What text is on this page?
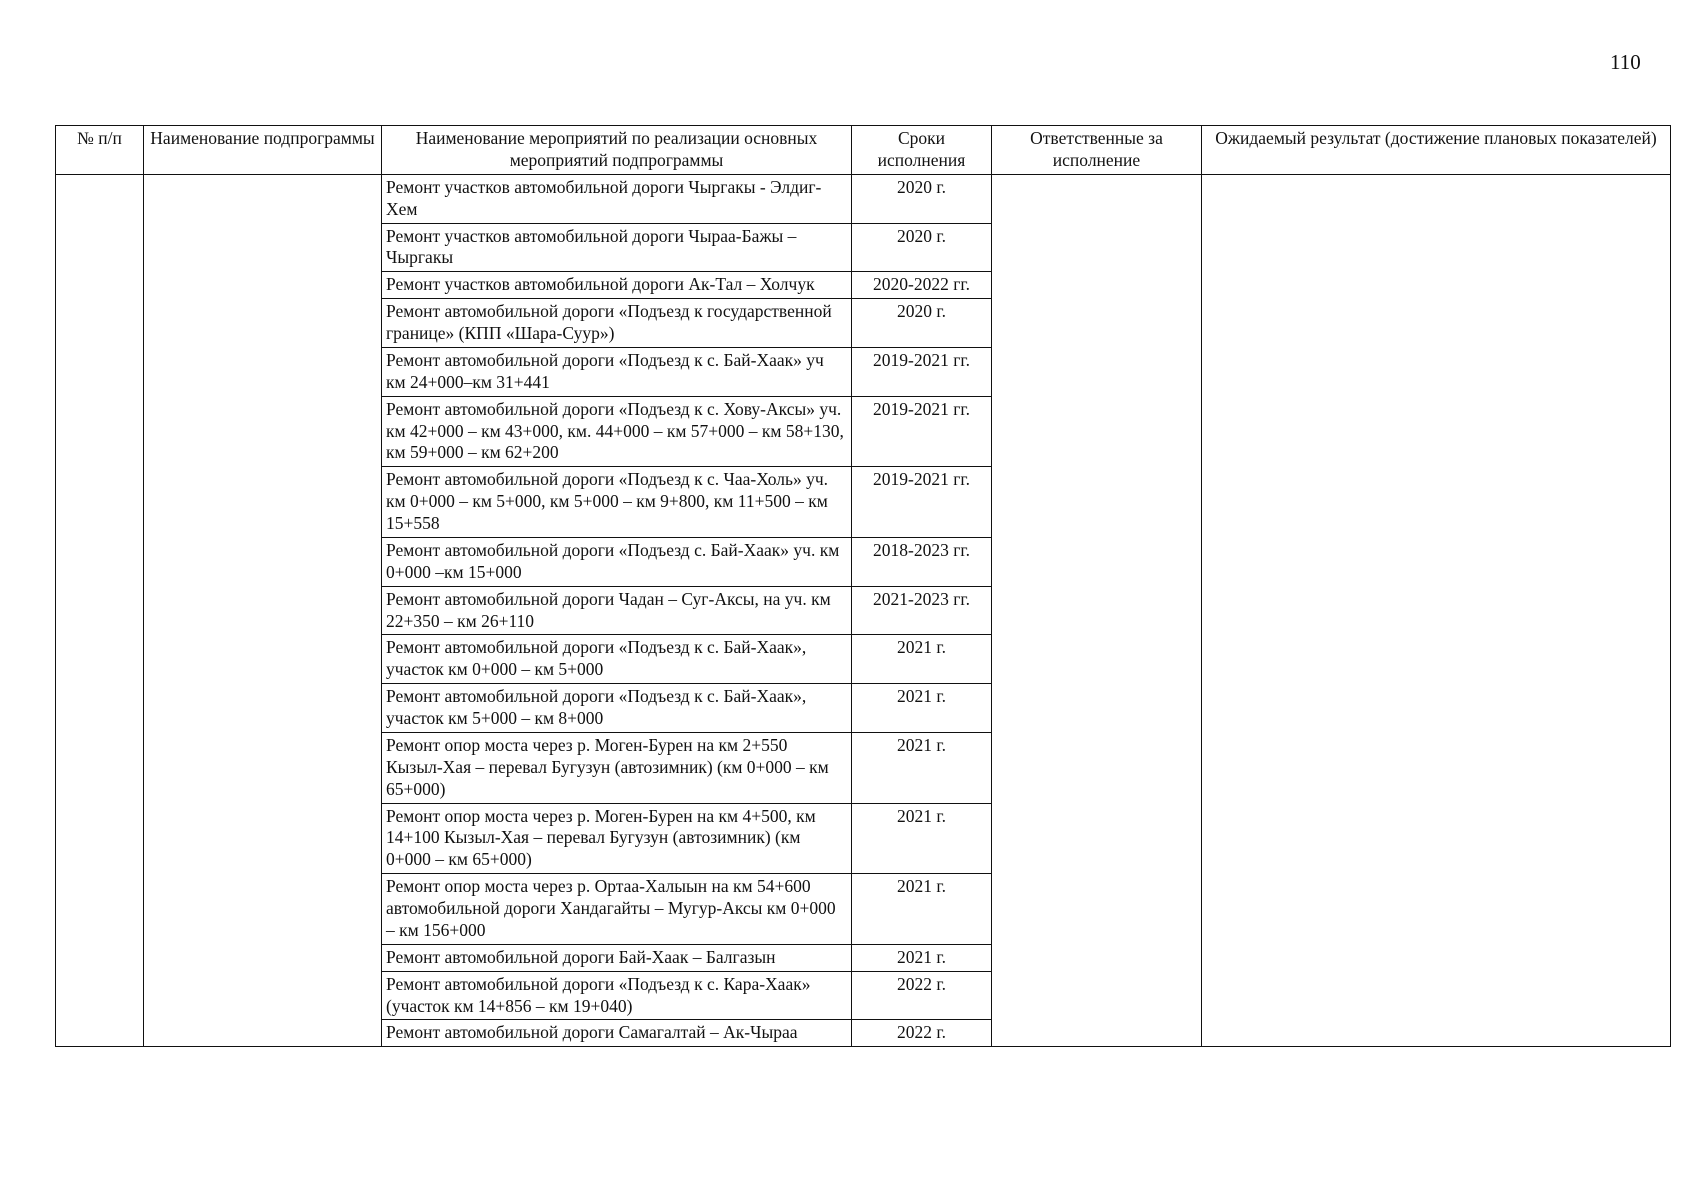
110
№ п/п	Наименование подпрограммы	Наименование мероприятий по реализации основных мероприятий подпрограммы	Сроки исполнения	Ответственные за исполнение	Ожидаемый результат (достижение плановых показателей)
		Ремонт участков автомобильной дороги Чыргакы - Элдиг-Хем	2020 г.		
		Ремонт участков автомобильной дороги Чыраа-Бажы – Чыргакы	2020 г.		
		Ремонт участков автомобильной дороги Ак-Тал – Холчук	2020-2022 гг.		
		Ремонт автомобильной дороги «Подъезд к государственной границе» (КПП «Шара-Суур»)	2020 г.		
		Ремонт автомобильной дороги «Подъезд к с. Бай-Хаак» уч км 24+000–км 31+441	2019-2021 гг.		
		Ремонт автомобильной дороги «Подъезд к с. Хову-Аксы» уч. км 42+000 – км 43+000, км. 44+000 – км 57+000 – км 58+130, км 59+000 – км 62+200	2019-2021 гг.		
		Ремонт автомобильной дороги «Подъезд к с. Чаа-Холь» уч. км 0+000 – км 5+000, км 5+000 – км 9+800, км 11+500 – км 15+558	2019-2021 гг.		
		Ремонт автомобильной дороги «Подъезд с. Бай-Хаак» уч. км 0+000 –км 15+000	2018-2023 гг.		
		Ремонт автомобильной дороги Чадан – Суг-Аксы, на уч. км 22+350 – км 26+110	2021-2023 гг.		
		Ремонт автомобильной дороги «Подъезд к с. Бай-Хаак», участок км 0+000 – км 5+000	2021 г.		
		Ремонт автомобильной дороги «Подъезд к с. Бай-Хаак», участок км 5+000 – км 8+000	2021 г.		
		Ремонт опор моста через р. Моген-Бурен на км 2+550 Кызыл-Хая – перевал Бугузун (автозимник) (км 0+000 – км 65+000)	2021 г.		
		Ремонт опор моста через р. Моген-Бурен на км 4+500, км 14+100 Кызыл-Хая – перевал Бугузун (автозимник) (км 0+000 – км 65+000)	2021 г.		
		Ремонт опор моста через р. Ортаа-Халыын на км 54+600 автомобильной дороги Хандагайты – Мугур-Аксы км 0+000 – км 156+000	2021 г.		
		Ремонт автомобильной дороги Бай-Хаак – Балгазын	2021 г.		
		Ремонт автомобильной дороги «Подъезд к с. Кара-Хаак» (участок км 14+856 – км 19+040)	2022 г.		
		Ремонт автомобильной дороги Самагалтай – Ак-Чыраа	2022 г.		
